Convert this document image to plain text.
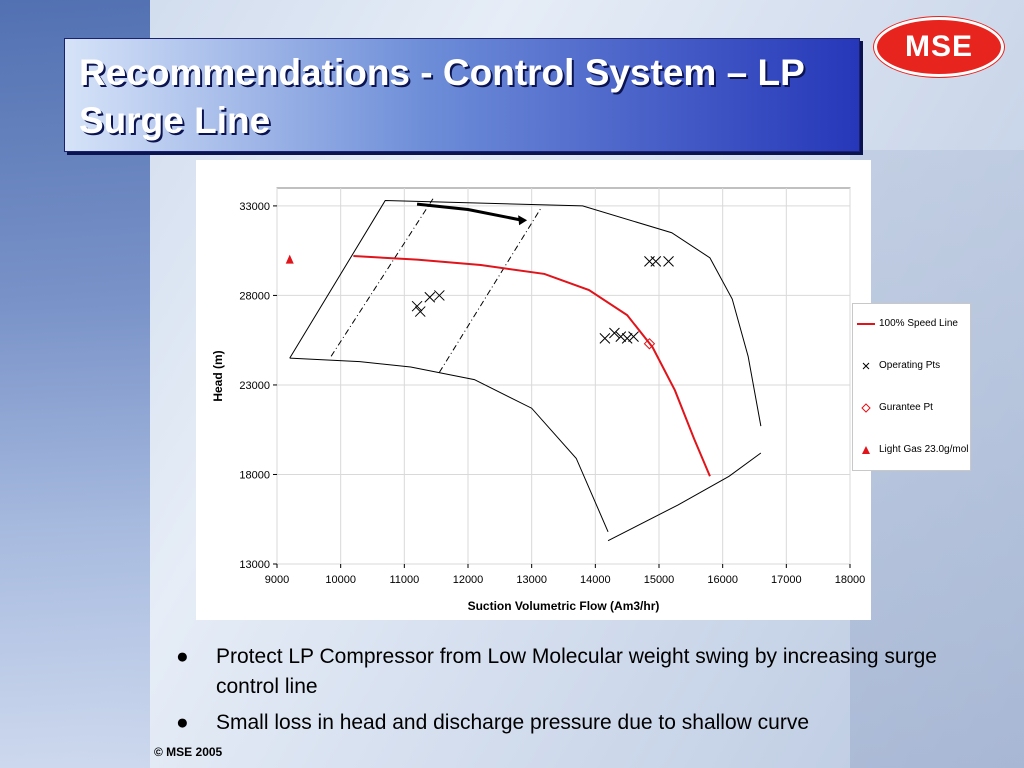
Recommendations - Control System – LP Surge Line
MSE
9000	10000	11000	12000	13000	14000	15000	16000	17000	18000
13000
18000
23000
28000
33000
Suction Volumetric Flow (Am3/hr)
Head (m)
100% Speed Line
Operating Pts
Gurantee Pt
Light Gas 23.0g/mol
●	Protect LP Compressor from Low Molecular weight swing by increasing surge control line
●	Small loss in head and discharge pressure due to shallow curve
© MSE 2005
